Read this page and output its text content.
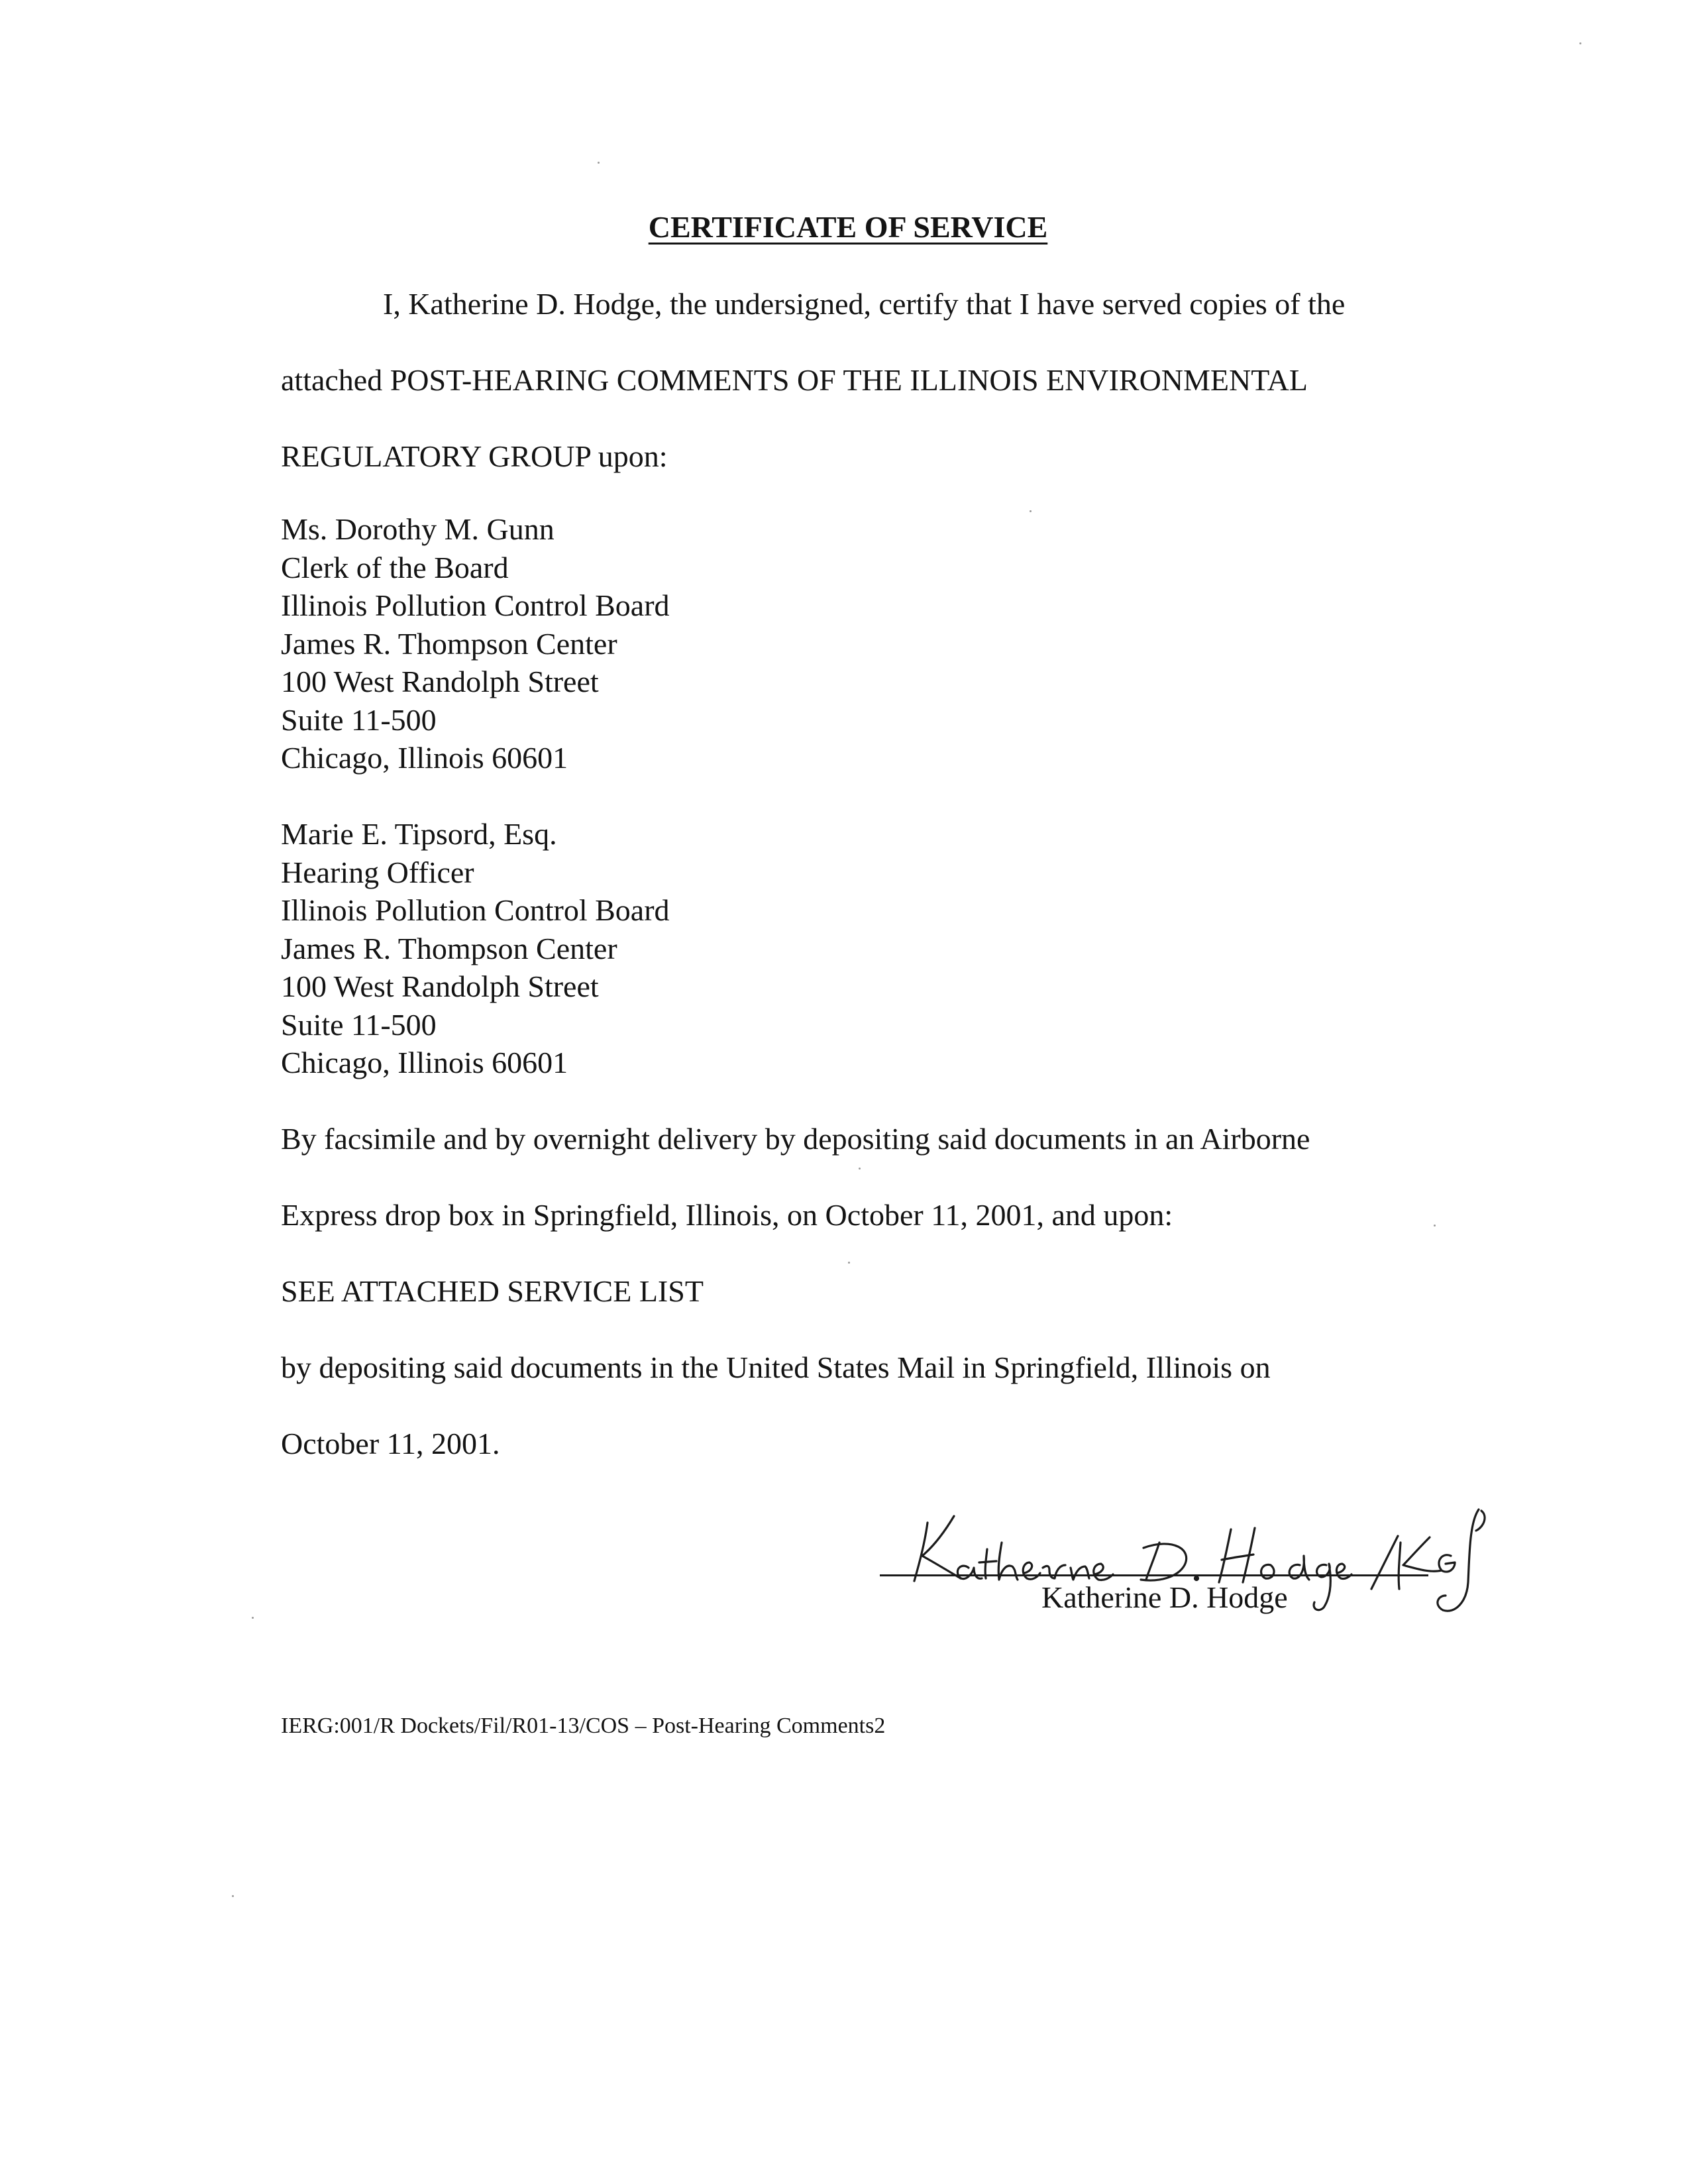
CERTIFICATE OF SERVICE
I, Katherine D. Hodge, the undersigned, certify that I have served copies of the
attached POST-HEARING COMMENTS OF THE ILLINOIS ENVIRONMENTAL
REGULATORY GROUP upon:
Ms. Dorothy M. Gunn
Clerk of the Board
Illinois Pollution Control Board
James R. Thompson Center
100 West Randolph Street
Suite 11-500
Chicago, Illinois 60601
Marie E. Tipsord, Esq.
Hearing Officer
Illinois Pollution Control Board
James R. Thompson Center
100 West Randolph Street
Suite 11-500
Chicago, Illinois 60601
By facsimile and by overnight delivery by depositing said documents in an Airborne
Express drop box in Springfield, Illinois, on October 11, 2001, and upon:
SEE ATTACHED SERVICE LIST
by depositing said documents in the United States Mail in Springfield, Illinois on
October 11, 2001.
Katherine D. Hodge
IERG:001/R Dockets/Fil/R01-13/COS – Post-Hearing Comments2
